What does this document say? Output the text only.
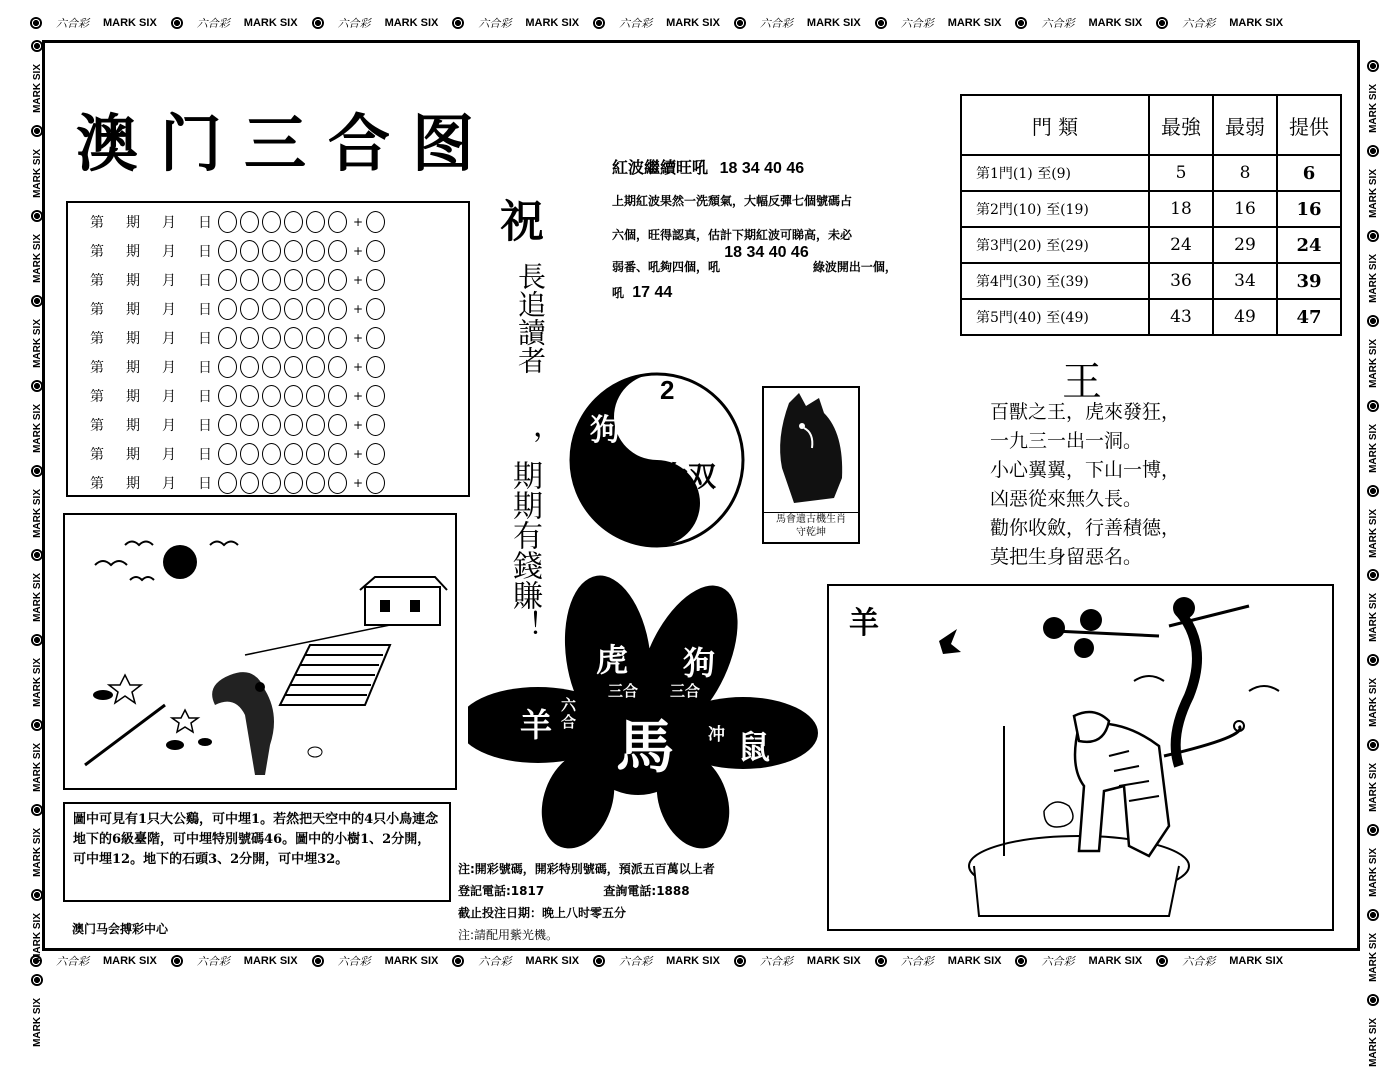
六合彩 MARK SIX	六合彩 MARK SIX	六合彩 MARK SIX	六合彩 MARK SIX	六合彩 MARK SIX	六合彩 MARK SIX	六合彩 MARK SIX	六合彩 MARK SIX	六合彩 MARK SIX
六合彩 MARK SIX	六合彩 MARK SIX	六合彩 MARK SIX	六合彩 MARK SIX	六合彩 MARK SIX	六合彩 MARK SIX	六合彩 MARK SIX	六合彩 MARK SIX	六合彩 MARK SIX
MARK SIX
MARK SIX
MARK SIX
MARK SIX
MARK SIX
MARK SIX
MARK SIX
MARK SIX
MARK SIX
MARK SIX
MARK SIX
MARK SIX
MARK SIX
MARK SIX
MARK SIX
MARK SIX
MARK SIX
MARK SIX
MARK SIX
MARK SIX
MARK SIX
MARK SIX
MARK SIX
MARK SIX
澳门三合图
第 期 月 日	+
第 期 月 日	+
第 期 月 日	+
第 期 月 日	+
第 期 月 日	+
第 期 月 日	+
第 期 月 日	+
第 期 月 日	+
第 期 月 日	+
第 期 月 日	+
祝
長追讀者
，期期有錢賺！
紅波繼續旺吼 18 34 40 46
上期紅波果然一洗頹氣，大幅反彈七個號碼占
六個，旺得認真，估計下期紅波可睇高，未必
弱番、吼夠四個，吼 18 34 40 46 綠波開出一個，
吼 17 44
門 類	最強	最弱	提供
第1門(1) 至(9)	5	8	6
第2門(10) 至(19)	18	16	16
第3門(20) 至(29)	24	29	24
第4門(30) 至(39)	36	34	39
第5門(40) 至(49)	43	49	47
狗
2
4
大双
馬會遺古機生肖守乾坤
王
百獸之王，虎來發狂，
一九三一出一洞。
小心翼翼，下山一博，
凶惡從來無久長。
勸你收斂，行善積德，
莫把生身留惡名。
圖中可見有1只大公鷄，可中埋1。若然把天空中的4只小鳥連念地下的6級臺階，可中埋特別號碼46。圖中的小樹1、2分開，可中埋12。地下的石頭3、2分開，可中埋32。
澳门马会搏彩中心
虎 狗
三合 三合
羊
六合 馬 冲 鼠
注:開彩號碼，開彩特別號碼，預派五百萬以上者
登記電話:1817	查詢電話:1888
截止投注日期：晚上八时零五分
注:請配用紫光機。
羊
